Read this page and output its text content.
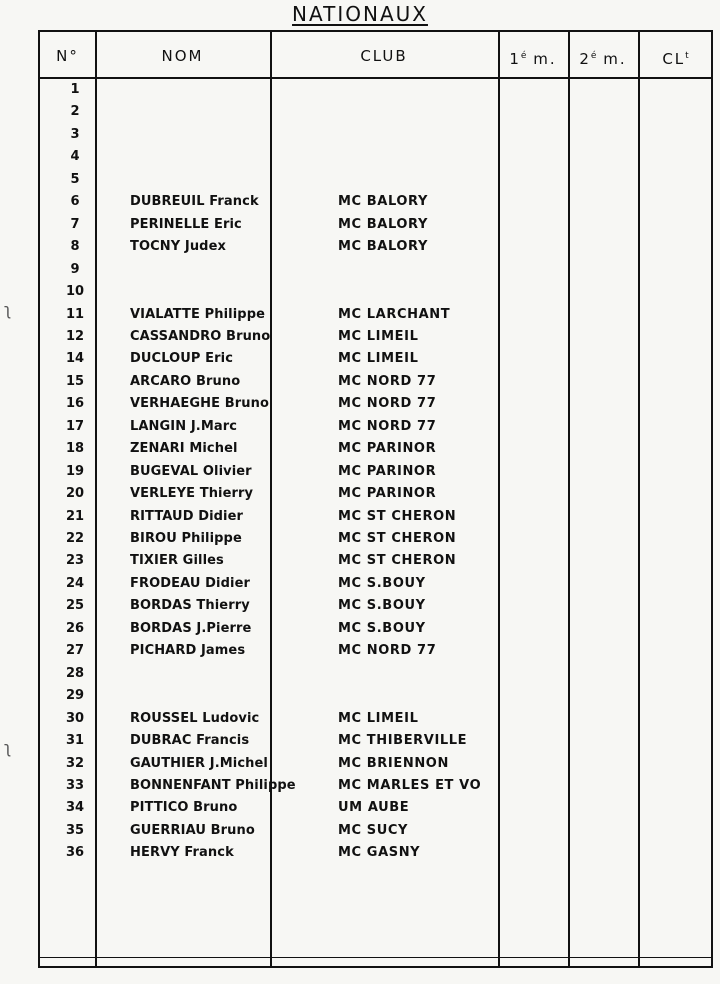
NATIONAUX
ʅ
ʅ
N°	NOM	CLUB	$1^é$ m.	$2^é$ m.	$CL^t$
1
2
3
4
5
6	DUBREUIL Franck	MC BALORY
7	PERINELLE Eric	MC BALORY
8	TOCNY Judex	MC BALORY
9
10
11	VIALATTE Philippe	MC LARCHANT
12	CASSANDRO Bruno	MC LIMEIL
14	DUCLOUP Eric	MC LIMEIL
15	ARCARO Bruno	MC NORD 77
16	VERHAEGHE Bruno	MC NORD 77
17	LANGIN J.Marc	MC NORD 77
18	ZENARI Michel	MC PARINOR
19	BUGEVAL Olivier	MC PARINOR
20	VERLEYE Thierry	MC PARINOR
21	RITTAUD Didier	MC ST CHERON
22	BIROU Philippe	MC ST CHERON
23	TIXIER Gilles	MC ST CHERON
24	FRODEAU Didier	MC S.BOUY
25	BORDAS Thierry	MC S.BOUY
26	BORDAS J.Pierre	MC S.BOUY
27	PICHARD James	MC NORD 77
28
29
30	ROUSSEL Ludovic	MC LIMEIL
31	DUBRAC Francis	MC THIBERVILLE
32	GAUTHIER J.Michel	MC BRIENNON
33	BONNENFANT Philippe	MC MARLES ET VO
34	PITTICO Bruno	UM AUBE
35	GUERRIAU Bruno	MC SUCY
36	HERVY Franck	MC GASNY
